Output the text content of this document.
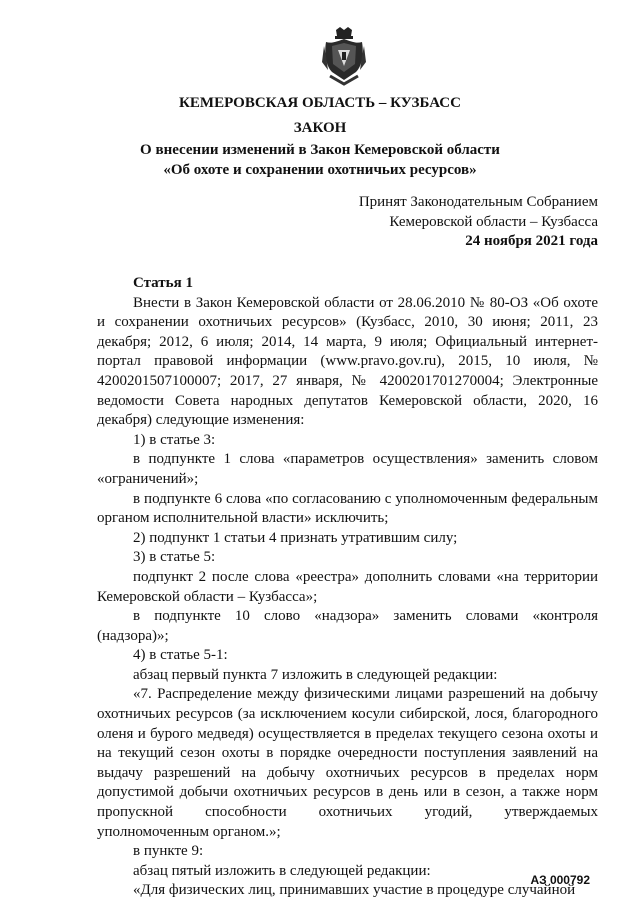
КЕМЕРОВСКАЯ ОБЛАСТЬ – КУЗБАСС
ЗАКОН
О внесении изменений в Закон Кемеровской области
«Об охоте и сохранении охотничьих ресурсов»
Принят Законодательным Собранием
Кемеровской области – Кузбасса
24 ноября 2021 года

Статья 1

Внести в Закон Кемеровской области от 28.06.2010 № 80-ОЗ «Об охоте и сохранении охотничьих ресурсов» (Кузбасс, 2010, 30 июня; 2011, 23 декабря; 2012, 6 июля; 2014, 14 марта, 9 июля; Официальный интернет-портал правовой информации (www.pravo.gov.ru), 2015, 10 июля, № 4200201507100007; 2017, 27 января, № 4200201701270004; Электронные ведомости Совета народных депутатов Кемеровской области, 2020, 16 декабря) следующие изменения:

1) в статье 3:

в подпункте 1 слова «параметров осуществления» заменить словом «ограничений»;

в подпункте 6 слова «по согласованию с уполномоченным федеральным органом исполнительной власти» исключить;

2) подпункт 1 статьи 4 признать утратившим силу;

3) в статье 5:

подпункт 2 после слова «реестра» дополнить словами «на территории Кемеровской области – Кузбасса»;

в подпункте 10 слово «надзора» заменить словами «контроля (надзора)»;

4) в статье 5-1:

абзац первый пункта 7 изложить в следующей редакции:

«7. Распределение между физическими лицами разрешений на добычу охотничьих ресурсов (за исключением косули сибирской, лося, благородного оленя и бурого медведя) осуществляется в пределах текущего сезона охоты и на текущий сезон охоты в порядке очередности поступления заявлений на выдачу разрешений на добычу охотничьих ресурсов в пределах норм допустимой добычи охотничьих ресурсов в день или в сезон, а также норм пропускной способности охотничьих угодий, утверждаемых уполномоченным органом.»;

в пункте 9:

абзац пятый изложить в следующей редакции:

«Для физических лиц, принимавших участие в процедуре случайной

АЗ 000792
